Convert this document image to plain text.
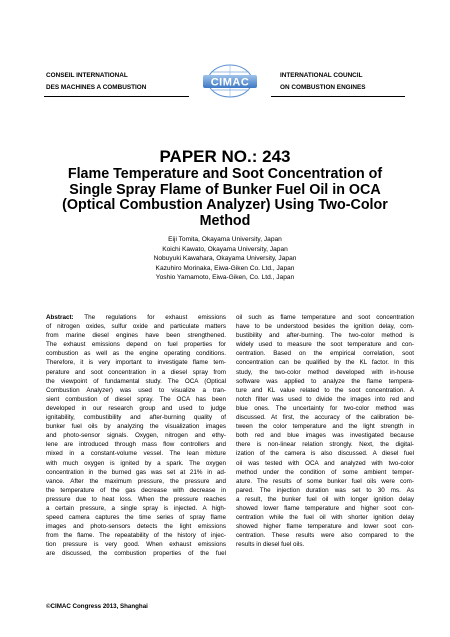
CONSEIL INTERNATIONAL
DES MACHINES A COMBUSTION
INTERNATIONAL COUNCIL
ON COMBUSTION ENGINES
CIMAC
PAPER NO.: 243
Flame Temperature and Soot Concentration of
Single Spray Flame of Bunker Fuel Oil in OCA
(Optical Combustion Analyzer) Using Two-Color
Method
Eiji Tomita, Okayama University, Japan
Koichi Kawato, Okayama University, Japan
Nobuyuki Kawahara, Okayama University, Japan
Kazuhiro Morinaka, Eiwa-Giken Co. Ltd., Japan
Yoshio Yamamoto, Eiwa-Giken, Co. Ltd., Japan
Abstract: The regulations for exhaust emissions
of nitrogen oxides, sulfur oxide and particulate matters
from marine diesel engines have been strengthened.
The exhaust emissions depend on fuel properties for
combustion as well as the engine operating conditions.
Therefore, it is very important to investigate flame tem-
perature and soot concentration in a diesel spray from
the viewpoint of fundamental study. The OCA (Optical
Combustion Analyzer) was used to visualize a tran-
sient combustion of diesel spray. The OCA has been
developed in our research group and used to judge
ignitability, combustibility and after-burning quality of
bunker fuel oils by analyzing the visualization images
and photo-sensor signals. Oxygen, nitrogen and ethy-
lene are introduced through mass flow controllers and
mixed in a constant-volume vessel. The lean mixture
with much oxygen is ignited by a spark. The oxygen
concentration in the burned gas was set at 21% in ad-
vance. After the maximum pressure, the pressure and
the temperature of the gas decrease with decrease in
pressure due to heat loss. When the pressure reaches
a certain pressure, a single spray is injected. A high-
speed camera captures the time series of spray flame
images and photo-sensors detects the light emissions
from the flame. The repeatability of the history of injec-
tion pressure is very good. When exhaust emissions
are discussed, the combustion properties of the fuel
oil such as flame temperature and soot concentration
have to be understood besides the ignition delay, com-
bustibility and after-burning. The two-color method is
widely used to measure the soot temperature and con-
centration. Based on the empirical correlation, soot
concentration can be qualified by the KL factor. In this
study, the two-color method developed with in-house
software was applied to analyze the flame tempera-
ture and KL value related to the soot concentration. A
notch filter was used to divide the images into red and
blue ones. The uncertainty for two-color method was
discussed. At first, the accuracy of the calibration be-
tween the color temperature and the light strength in
both red and blue images was investigated because
there is non-linear relation strongly. Next, the digital-
ization of the camera is also discussed. A diesel fuel
oil was tested with OCA and analyzed with two-color
method under the condition of some ambient temper-
ature. The results of some bunker fuel oils were com-
pared. The injection duration was set to 30 ms. As
a result, the bunker fuel oil with longer ignition delay
showed lower flame temperature and higher soot con-
centration while the fuel oil with shorter ignition delay
showed higher flame temperature and lower soot con-
centration. These results were also compared to the
results in diesel fuel oils.
©CIMAC Congress 2013, Shanghai
